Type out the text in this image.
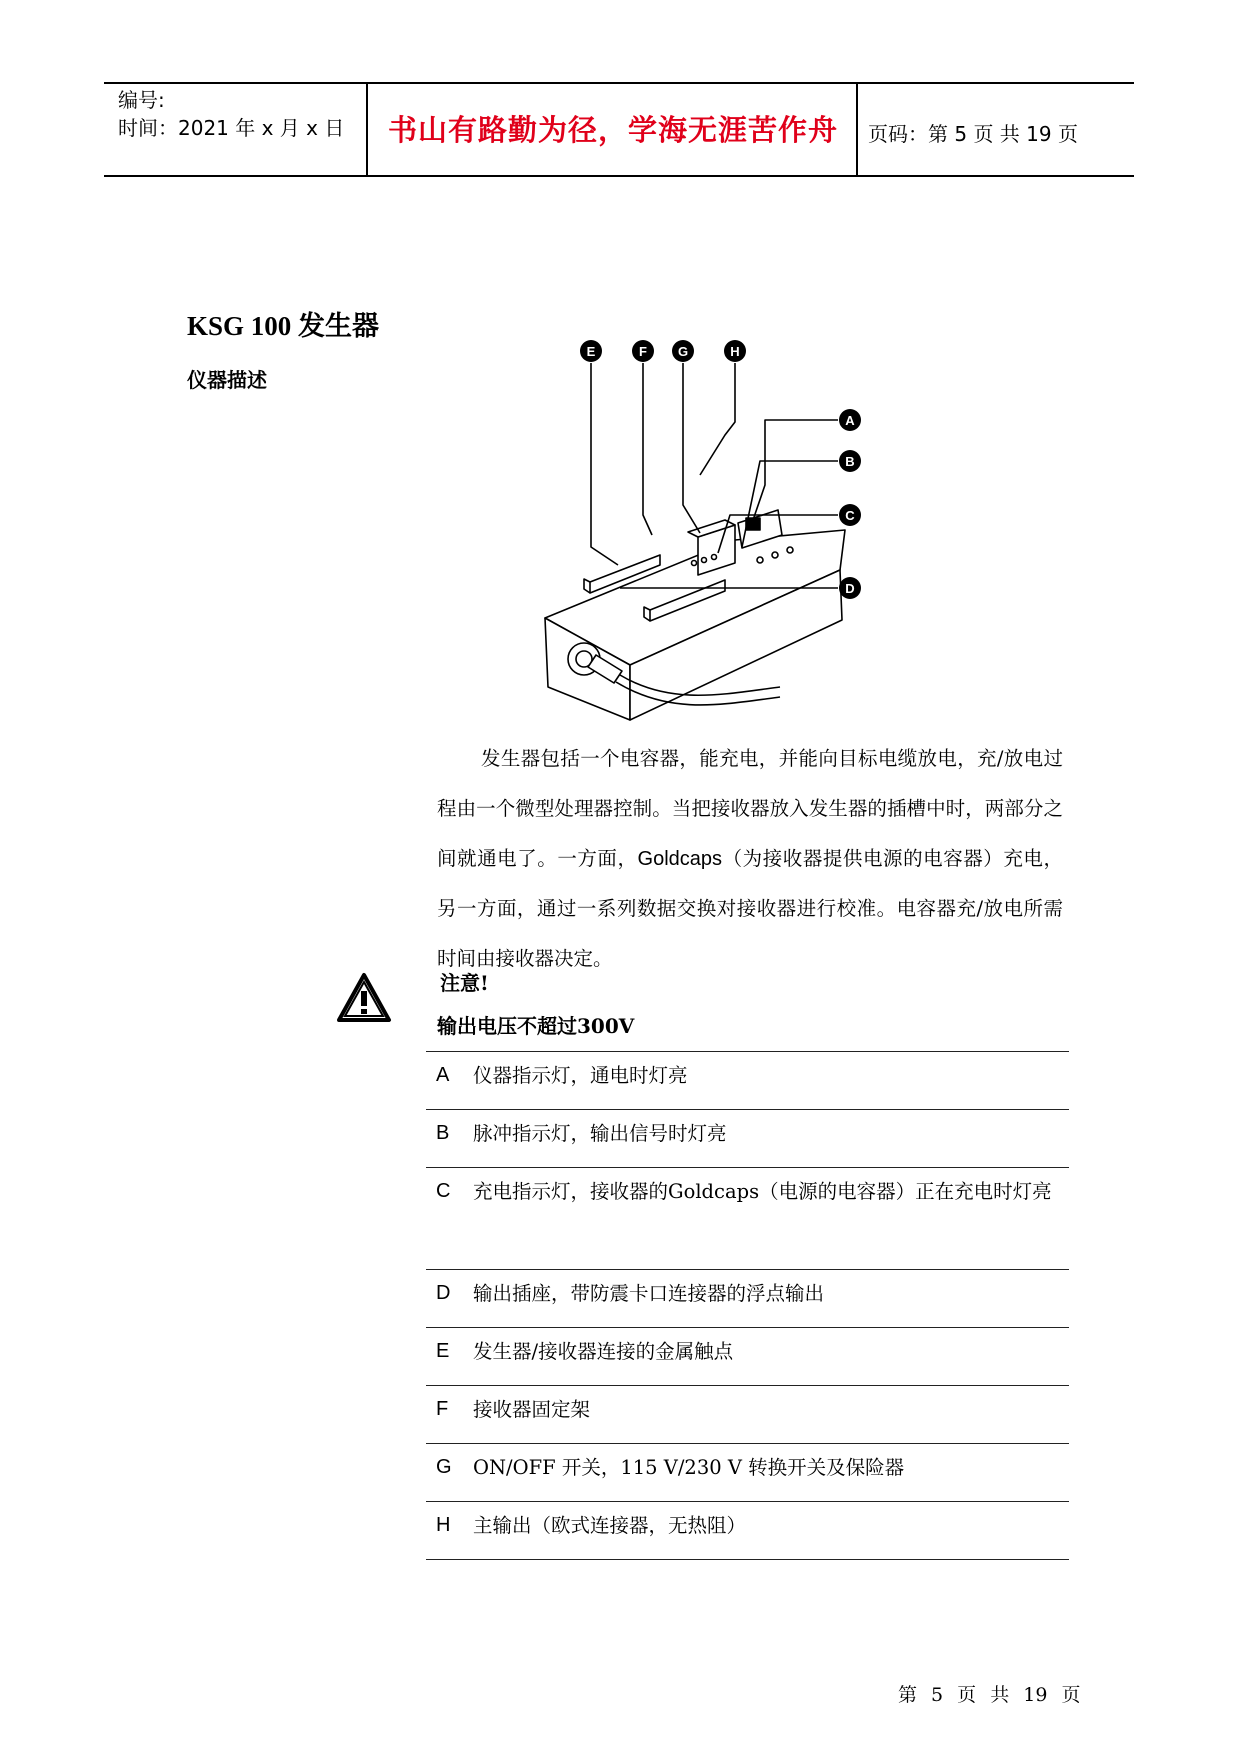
编号:
时间：2021 年 x 月 x 日	书山有路勤为径，学海无涯苦作舟	页码：第 5 页 共 19 页
KSG 100 发生器
仪器描述
E	F G	H
A
B
C
D
发生器包括一个电容器，能充电，并能向目标电缆放电，充/放电过程由一个微型处理器控制。当把接收器放入发生器的插槽中时，两部分之间就通电了。一方面，Goldcaps（为接收器提供电源的电容器）充电，另一方面，通过一系列数据交换对接收器进行校准。电容器充/放电所需时间由接收器决定。
注意!
输出电压不超过300V
A 仪器指示灯，通电时灯亮
B 脉冲指示灯，输出信号时灯亮
C 充电指示灯，接收器的Goldcaps（电源的电容器）正在充电时灯亮
D 输出插座，带防震卡口连接器的浮点输出
E 发生器/接收器连接的金属触点
F 接收器固定架
G ON/OFF 开关，115 V/230 V 转换开关及保险器
H 主输出（欧式连接器，无热阻）
第 5 页 共 19 页
